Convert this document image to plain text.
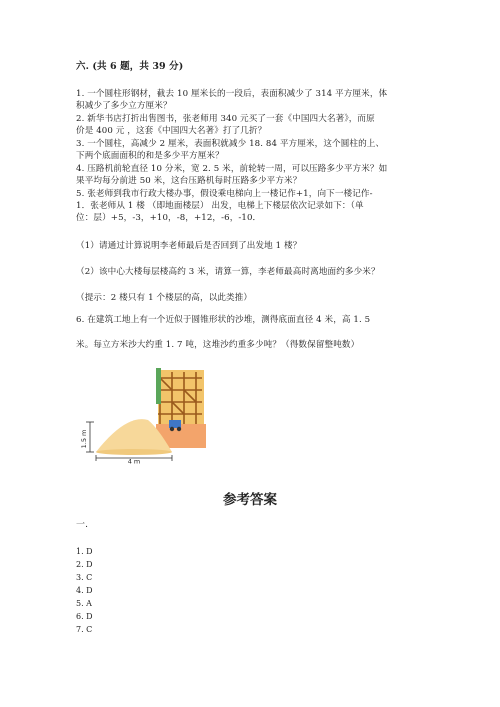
六. (共 6 题，共 39 分)
1. 一个圆柱形钢材，截去 10 厘米长的一段后，表面积减少了 314 平方厘米，体
积减少了多少立方厘米？
2. 新华书店打折出售图书，张老师用 340 元买了一套《中国四大名著》，而原
价是 400 元 ，这套《中国四大名著》打了几折？
3. 一个圆柱，高减少 2 厘米，表面积就减少 18. 84 平方厘米，这个圆柱的上、
下两个底面面积的和是多少平方厘米？
4. 压路机前轮直径 10 分米，宽 2. 5 米，前轮转一周，可以压路多少平方米？如
果平均每分前进 50 米，这台压路机每时压路多少平方米？
5. 张老师到我市行政大楼办事，假设乘电梯向上一楼记作+1，向下一楼记作-
1．张老师从 1 楼 （即地面楼层） 出发，电梯上下楼层依次记录如下：（单
位：层）+5，-3，+10，-8，+12，-6，-10．
（1）请通过计算说明李老师最后是否回到了出发地 1 楼？
（2）该中心大楼每层楼高约 3 米，请算一算，李老师最高时离地面约多少米？
（提示：2 楼只有 1 个楼层的高，以此类推）
6. 在建筑工地上有一个近似于圆锥形状的沙堆，测得底面直径 4 米，高 1. 5
米。每立方米沙大约重 1. 7 吨，这堆沙约重多少吨？（得数保留整吨数）
1.5 m
4 m
参考答案
一.
1. D
2. D
3. C
4. D
5. A
6. D
7. C
